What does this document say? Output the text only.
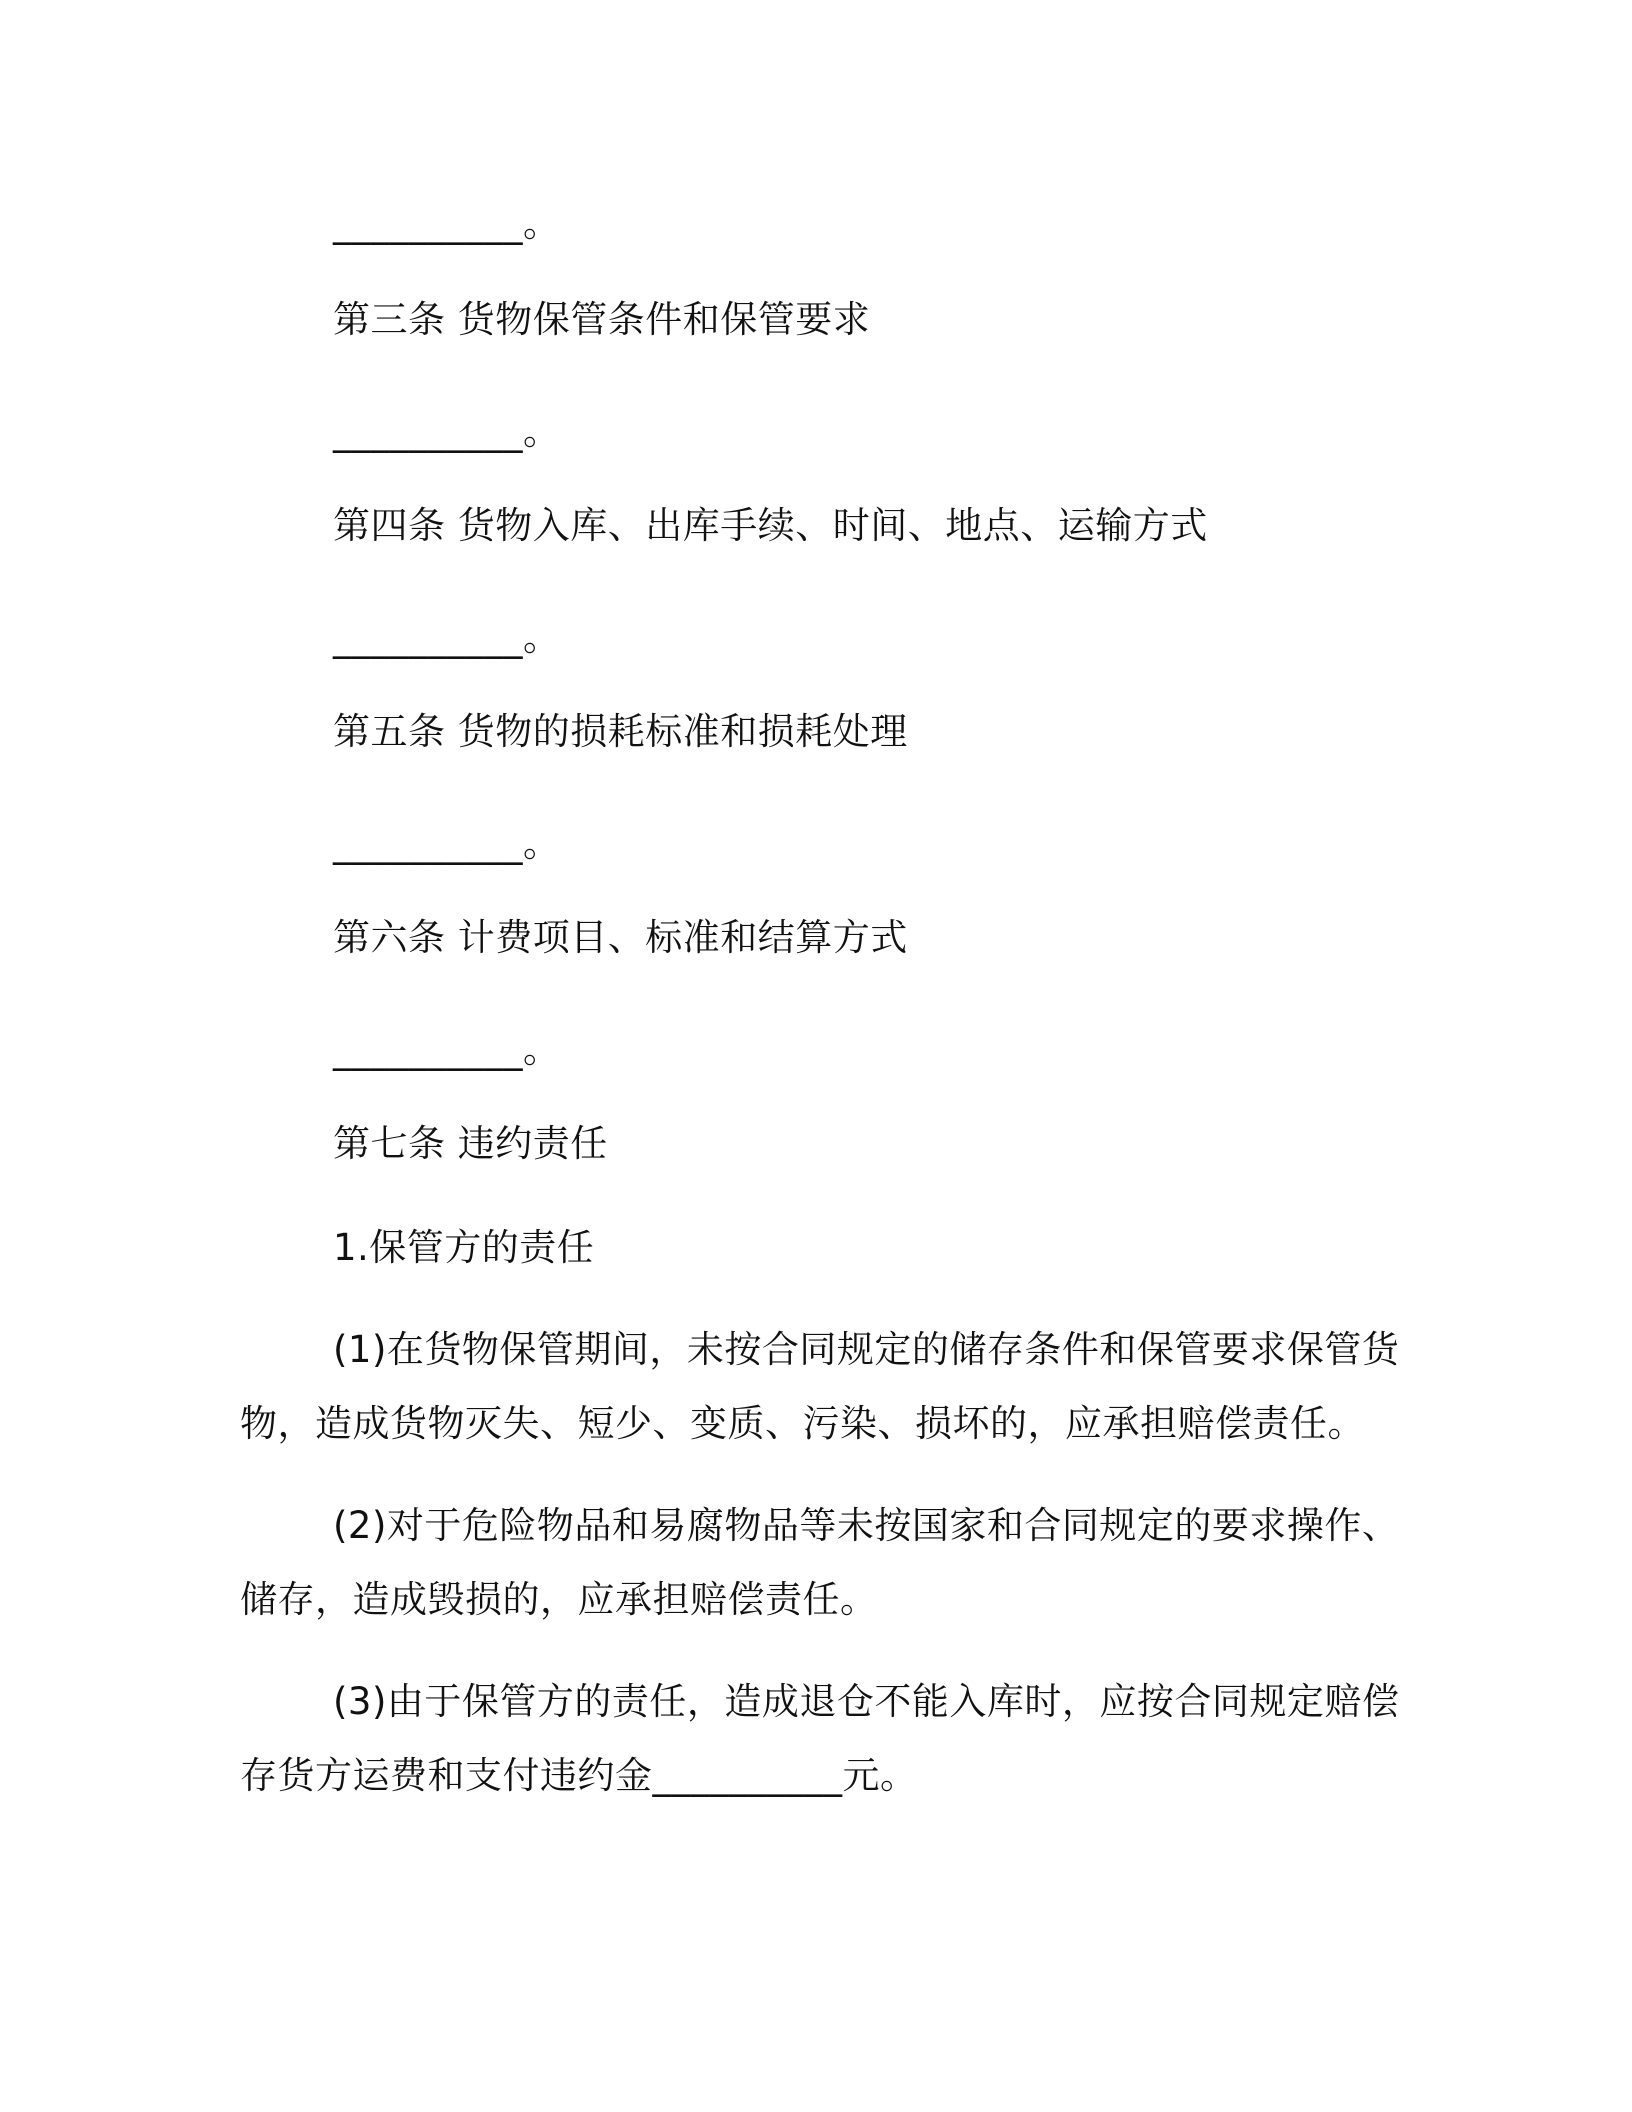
__________。
第三条 货物保管条件和保管要求
__________。
第四条 货物入库、出库手续、时间、地点、运输方式
__________。
第五条 货物的损耗标准和损耗处理
__________。
第六条 计费项目、标准和结算方式
__________。
第七条 违约责任
1.保管方的责任
(1)在货物保管期间，未按合同规定的储存条件和保管要求保管货
物，造成货物灭失、短少、变质、污染、损坏的，应承担赔偿责任。
(2)对于危险物品和易腐物品等未按国家和合同规定的要求操作、
储存，造成毁损的，应承担赔偿责任。
(3)由于保管方的责任，造成退仓不能入库时，应按合同规定赔偿
存货方运费和支付违约金__________元。
